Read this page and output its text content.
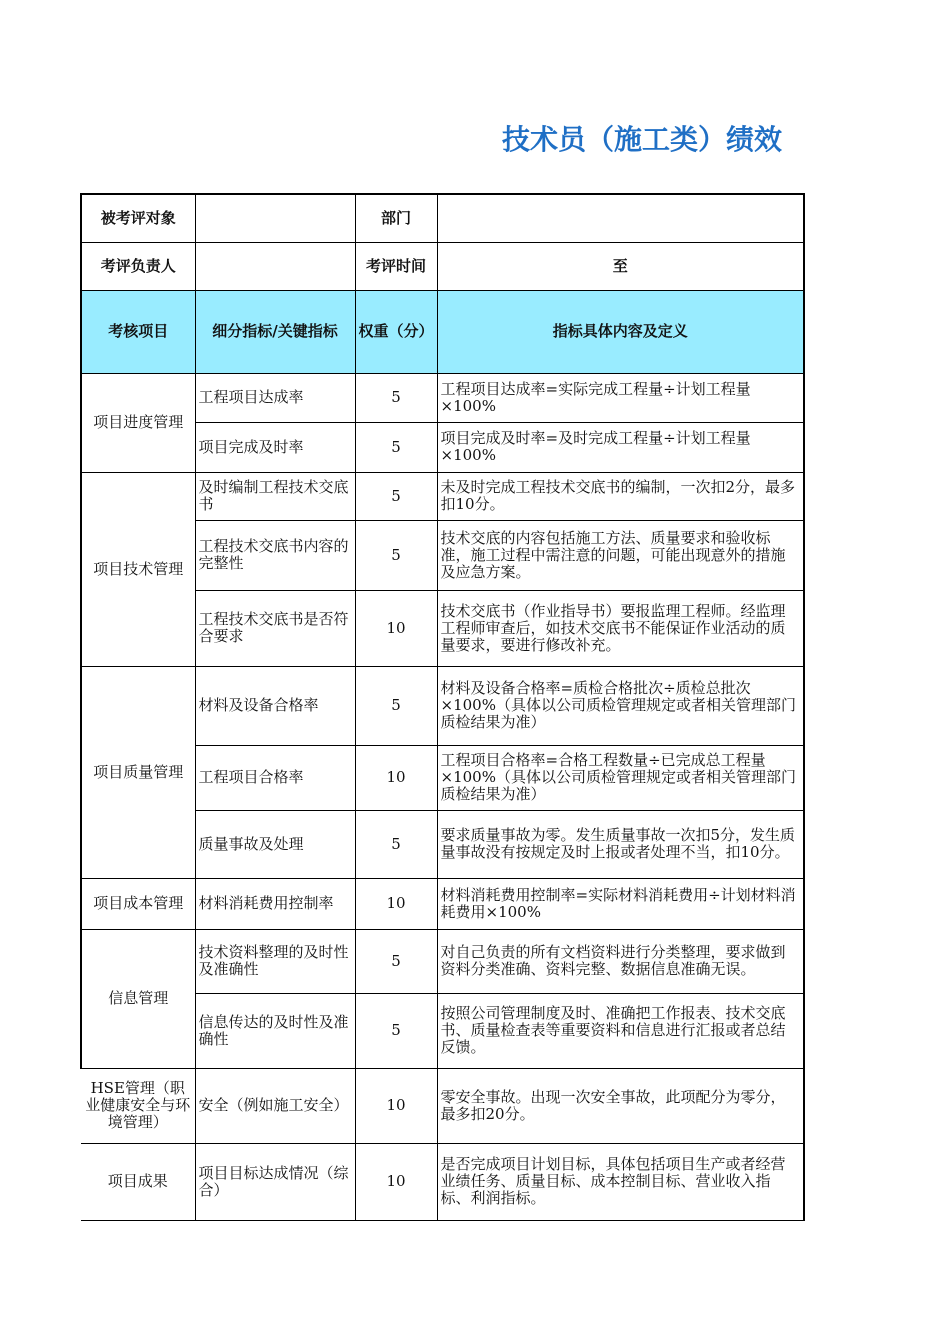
技术员（施工类）绩效
被考评对象		部门	
考评负责人		考评时间	至
考核项目	细分指标/关键指标	权重（分）	指标具体内容及定义
项目进度管理	工程项目达成率	5	工程项目达成率=实际完成工程量÷计划工程量×100%
	项目完成及时率	5	项目完成及时率=及时完成工程量÷计划工程量×100%
项目技术管理	及时编制工程技术交底书	5	未及时完成工程技术交底书的编制，一次扣2分，最多扣10分。
	工程技术交底书内容的完整性	5	技术交底的内容包括施工方法、质量要求和验收标准，施工过程中需注意的问题，可能出现意外的措施及应急方案。
	工程技术交底书是否符合要求	10	技术交底书（作业指导书）要报监理工程师。经监理工程师审查后，如技术交底书不能保证作业活动的质量要求，要进行修改补充。
项目质量管理	材料及设备合格率	5	材料及设备合格率=质检合格批次÷质检总批次×100%（具体以公司质检管理规定或者相关管理部门质检结果为准）
	工程项目合格率	10	工程项目合格率=合格工程数量÷已完成总工程量×100%（具体以公司质检管理规定或者相关管理部门质检结果为准）
	质量事故及处理	5	要求质量事故为零。发生质量事故一次扣5分，发生质量事故没有按规定及时上报或者处理不当，扣10分。
项目成本管理	材料消耗费用控制率	10	材料消耗费用控制率=实际材料消耗费用÷计划材料消耗费用×100%
信息管理	技术资料整理的及时性及准确性	5	对自己负责的所有文档资料进行分类整理，要求做到资料分类准确、资料完整、数据信息准确无误。
	信息传达的及时性及准确性	5	按照公司管理制度及时、准确把工作报表、技术交底书、质量检查表等重要资料和信息进行汇报或者总结反馈。
HSE管理（职业健康安全与环境管理）	安全（例如施工安全）	10	零安全事故。出现一次安全事故，此项配分为零分，最多扣20分。
项目成果	项目目标达成情况（综合）	10	是否完成项目计划目标，具体包括项目生产或者经营业绩任务、质量目标、成本控制目标、营业收入指标、利润指标。
